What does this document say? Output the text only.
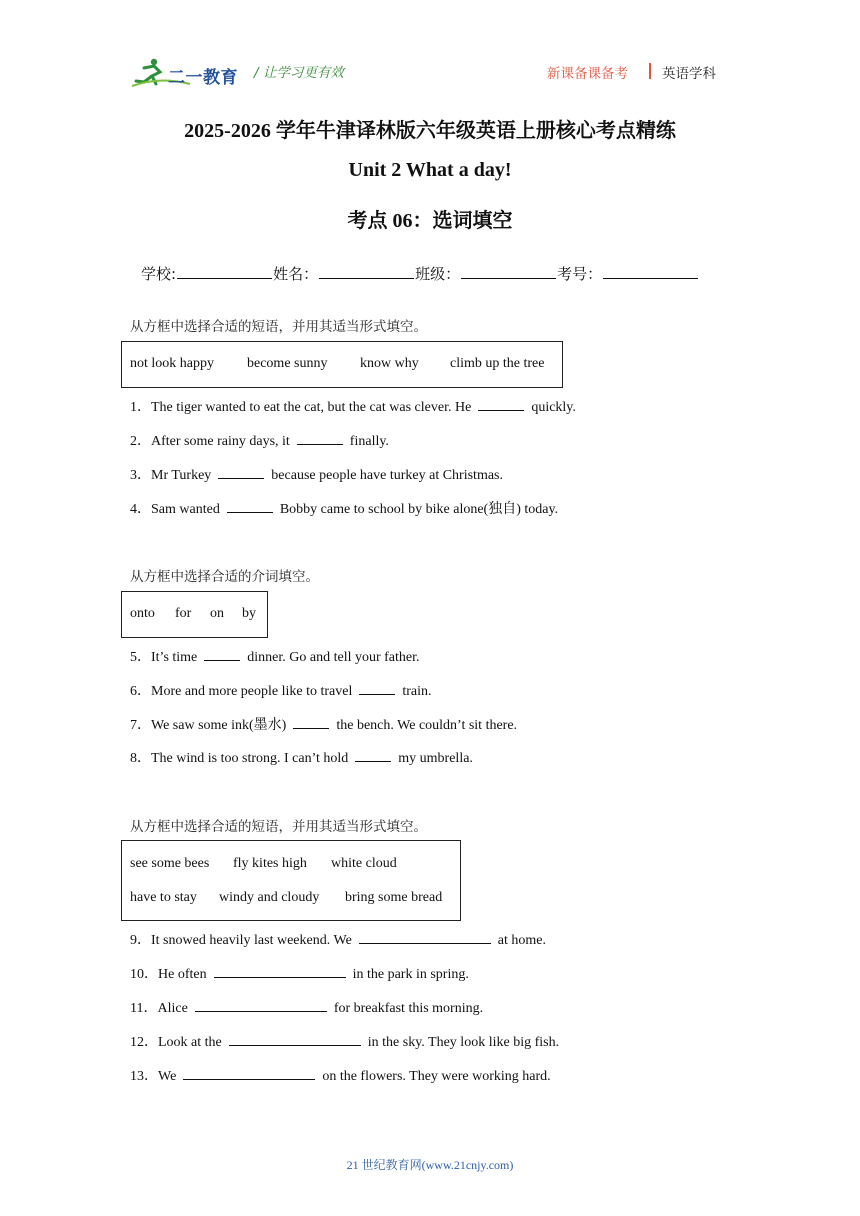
二一教育 / 让学习更有效	新课备课备考	英语学科
2025-2026 学年牛津译林版六年级英语上册核心考点精练
Unit 2 What a day!
考点 06：选词填空
学校:	姓名：	班级：	考号：
从方框中选择合适的短语，并用其适当形式填空。
not look happy become sunny know why climb up the tree
1．The tiger wanted to eat the cat, but the cat was clever. He	quickly.
2．After some rainy days, it	finally.
3．Mr Turkey	because people have turkey at Christmas.
4．Sam wanted	Bobby came to school by bike alone(独自) today.
从方框中选择合适的介词填空。
onto for on by
5．It’s time	dinner. Go and tell your father.
6．More and more people like to travel	train.
7．We saw some ink(墨水)	the bench. We couldn’t sit there.
8．The wind is too strong. I can’t hold	my umbrella.
从方框中选择合适的短语，并用其适当形式填空。
see some bees fly kites high white cloud
have to stay windy and cloudy bring some bread
9．It snowed heavily last weekend. We	at home.
10．He often	in the park in spring.
11．Alice	for breakfast this morning.
12．Look at the	in the sky. They look like big fish.
13．We	on the flowers. They were working hard.
21 世纪教育网(www.21cnjy.com)
